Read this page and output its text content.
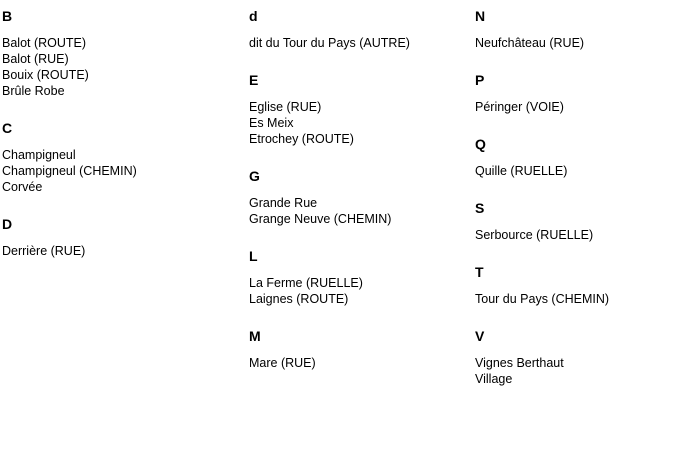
B
Balot (ROUTE)
Balot (RUE)
Bouix (ROUTE)
Brûle Robe
C
Champigneul
Champigneul (CHEMIN)
Corvée
D
Derrière (RUE)
d
dit du Tour du Pays (AUTRE)
E
Eglise (RUE)
Es Meix
Etrochey (ROUTE)
G
Grande Rue
Grange Neuve (CHEMIN)
L
La Ferme (RUELLE)
Laignes (ROUTE)
M
Mare (RUE)
N
Neufchâteau (RUE)
P
Péringer (VOIE)
Q
Quille (RUELLE)
S
Serbource (RUELLE)
T
Tour du Pays (CHEMIN)
V
Vignes Berthaut
Village
